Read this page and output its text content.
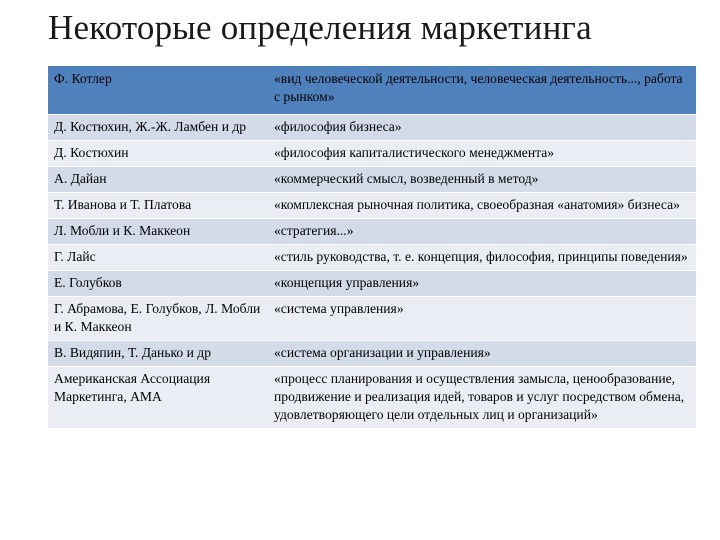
Некоторые определения маркетинга
Ф. Котлер	«вид человеческой деятельности, человеческая деятельность..., работа с рынком»
Д. Костюхин, Ж.-Ж. Ламбен и др	«философия бизнеса»
Д. Костюхин	«философия капиталистического менеджмента»
А. Дайан	«коммерческий смысл, возведенный в метод»
Т. Иванова и Т. Платова	«комплексная рыночная политика, своеобразная «анатомия» бизнеса»
Л. Мобли и К. Маккеон	«стратегия...»
Г. Лайс	«стиль руководства, т. е. концепция, философия, принципы поведения»
Е. Голубков	«концепция управления»
Г. Абрамова, Е. Голубков, Л. Мобли и К. Маккеон	«система управления»
В. Видяпин, Т. Данько и др	«система организации и управления»
Американская Ассоциация Маркетинга, АМА	«процесс планирования и осуществления замысла, ценообразование, продвижение и реализация идей, товаров и услуг посредством обмена, удовлетворяющего цели отдельных лиц и организаций»
